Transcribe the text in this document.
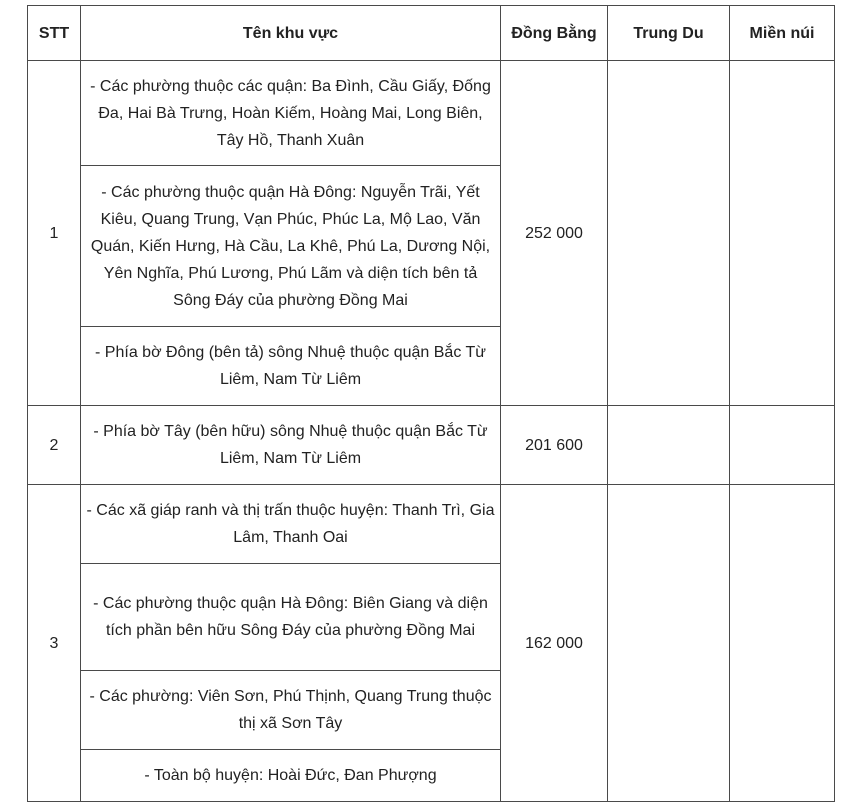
STT	Tên khu vực	Đồng Bằng	Trung Du	Miền núi
1	- Các phường thuộc các quận: Ba Đình, Cầu Giấy, Đống Đa, Hai Bà Trưng, Hoàn Kiếm, Hoàng Mai, Long Biên, Tây Hồ, Thanh Xuân	252 000		
	- Các phường thuộc quận Hà Đông: Nguyễn Trãi, Yết Kiêu, Quang Trung, Vạn Phúc, Phúc La, Mộ Lao, Văn Quán, Kiến Hưng, Hà Cầu, La Khê, Phú La, Dương Nội, Yên Nghĩa, Phú Lương, Phú Lãm và diện tích bên tả Sông Đáy của phường Đồng Mai			
	- Phía bờ Đông (bên tả) sông Nhuệ thuộc quận Bắc Từ Liêm, Nam Từ Liêm			
2	- Phía bờ Tây (bên hữu) sông Nhuệ thuộc quận Bắc Từ Liêm, Nam Từ Liêm	201 600		
3	- Các xã giáp ranh và thị trấn thuộc huyện: Thanh Trì, Gia Lâm, Thanh Oai	162 000		
	- Các phường thuộc quận Hà Đông: Biên Giang và diện tích phần bên hữu Sông Đáy của phường Đồng Mai			
	- Các phường: Viên Sơn, Phú Thịnh, Quang Trung thuộc thị xã Sơn Tây			
	- Toàn bộ huyện: Hoài Đức, Đan Phượng			
